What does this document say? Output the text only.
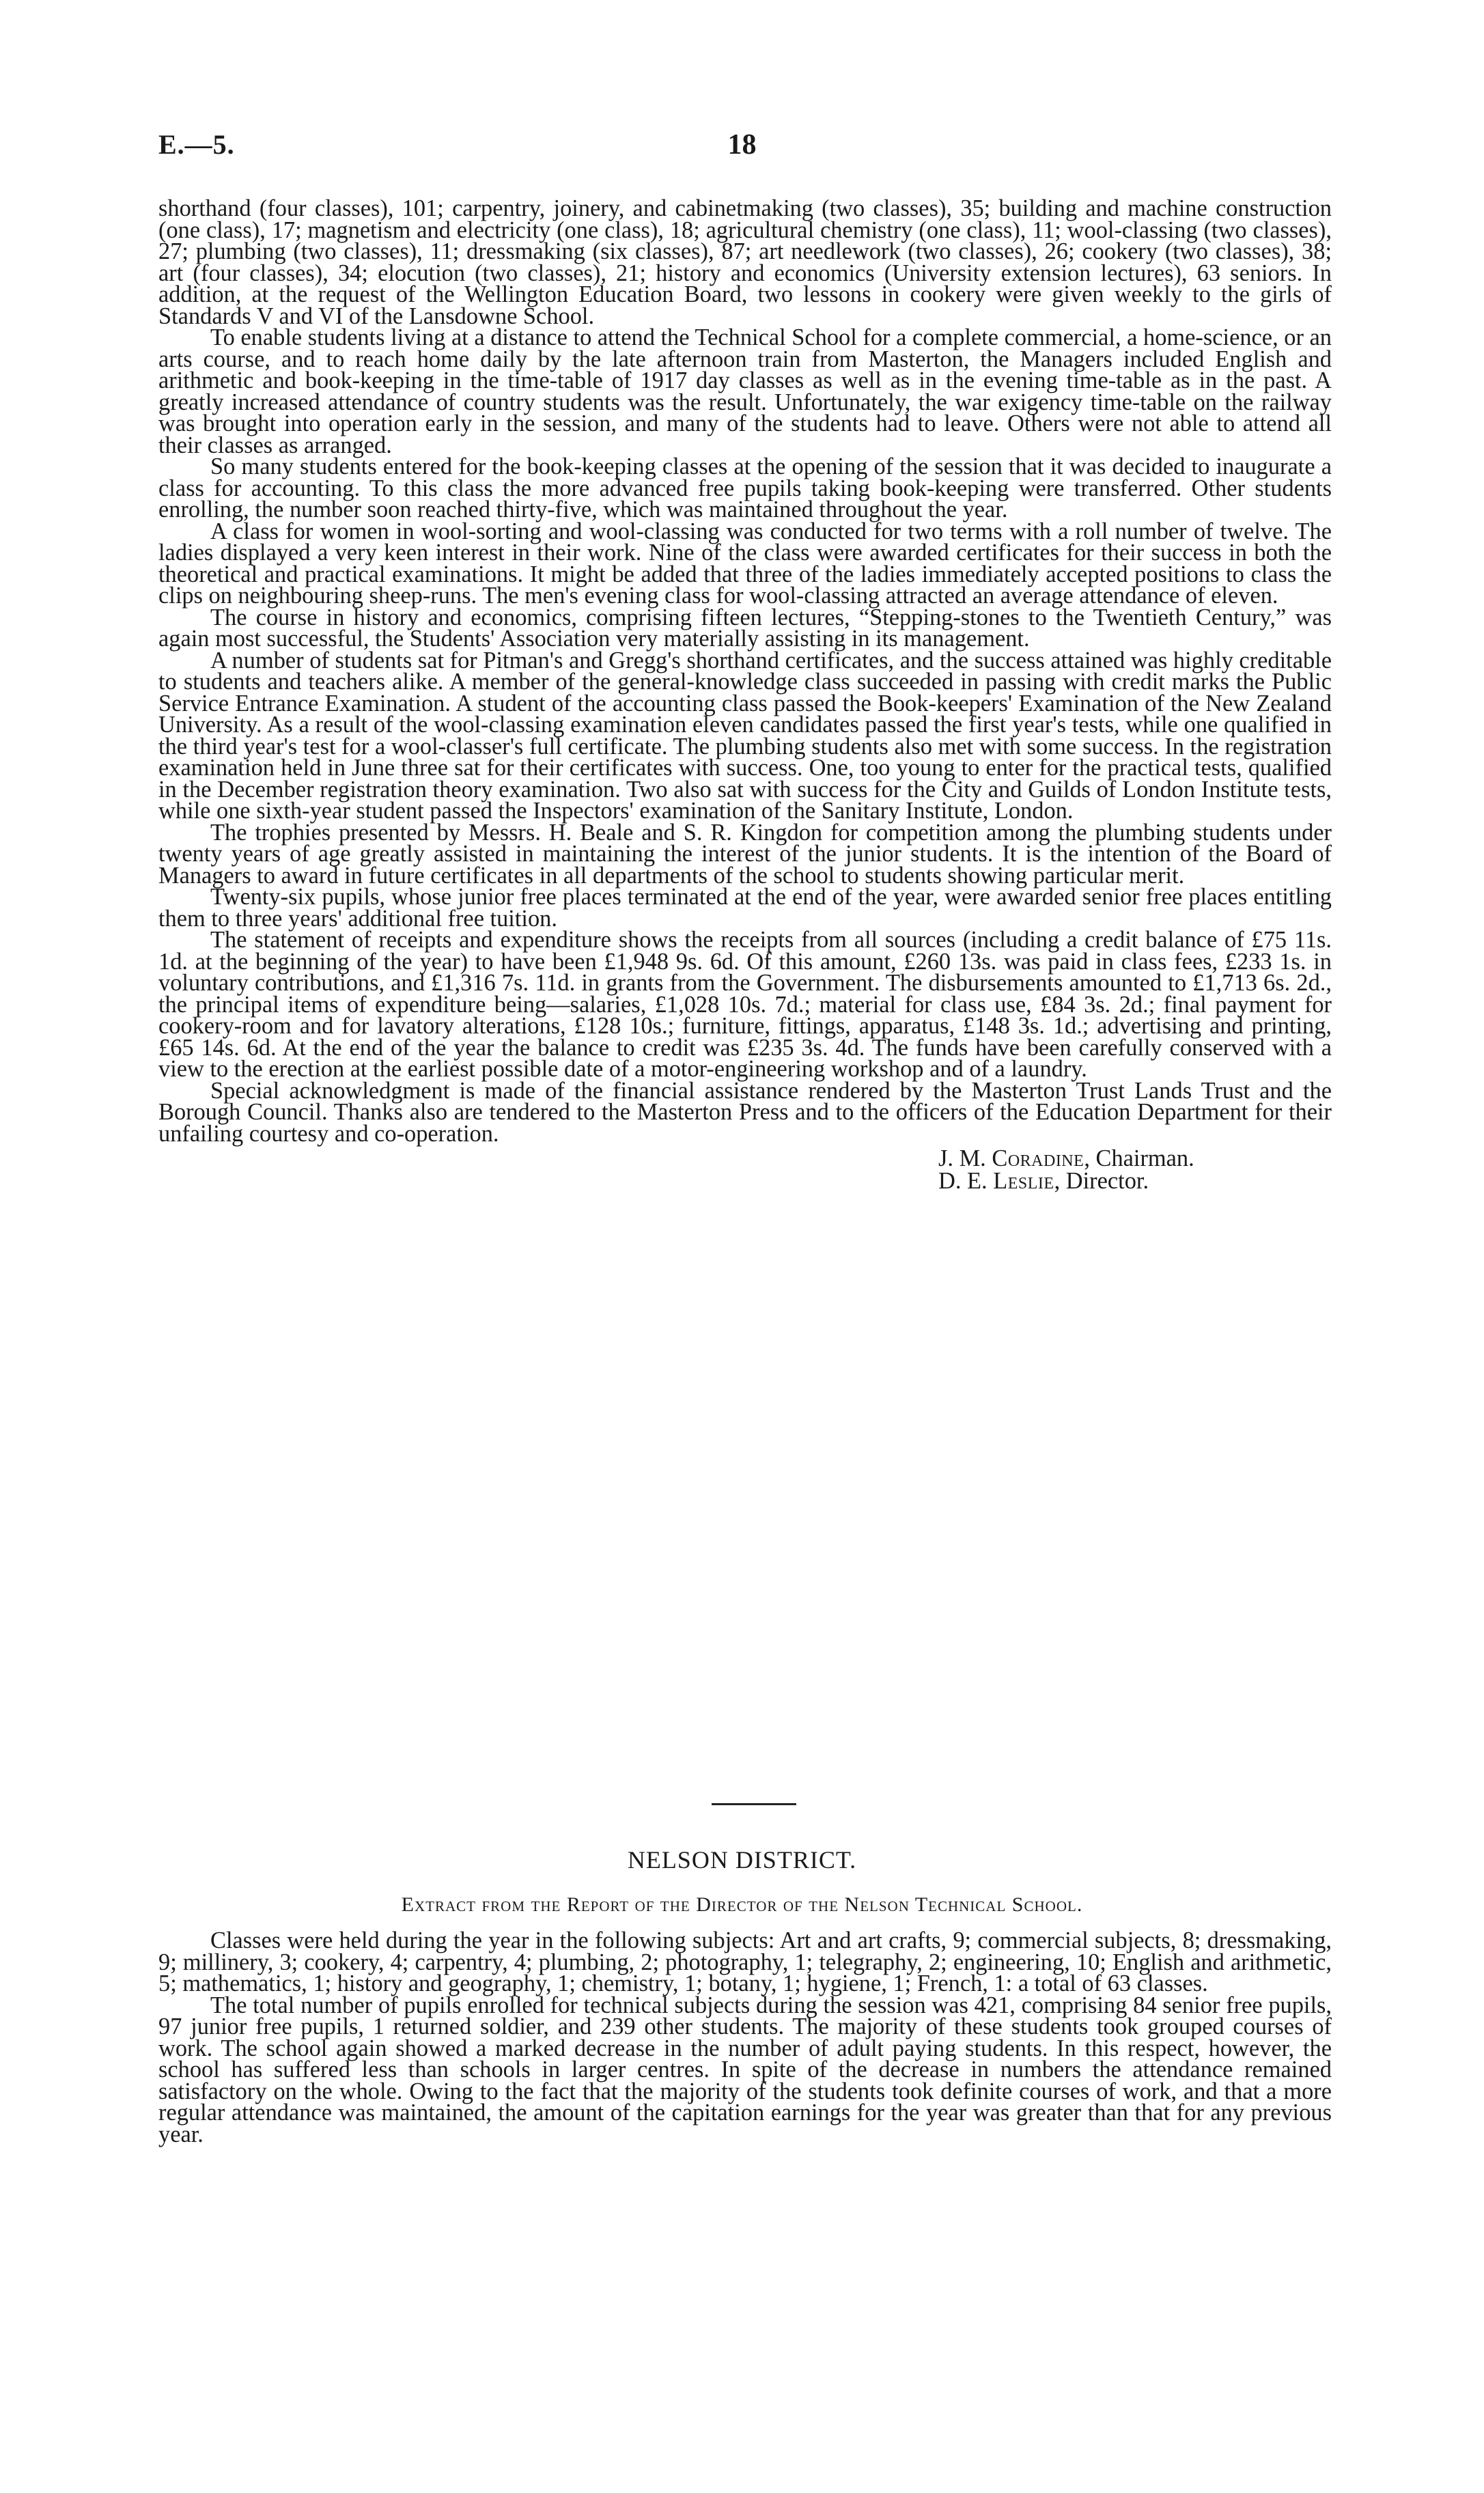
E.—5.	18

shorthand (four classes), 101; carpentry, joinery, and cabinetmaking (two classes), 35; building and machine construction (one class), 17; magnetism and electricity (one class), 18; agricultural chemistry (one class), 11; wool-classing (two classes), 27; plumbing (two classes), 11; dressmaking (six classes), 87; art needlework (two classes), 26; cookery (two classes), 38; art (four classes), 34; elocution (two classes), 21; history and economics (University extension lectures), 63 seniors. In addition, at the request of the Wellington Education Board, two lessons in cookery were given weekly to the girls of Standards V and VI of the Lansdowne School.

To enable students living at a distance to attend the Technical School for a complete commercial, a home-science, or an arts course, and to reach home daily by the late afternoon train from Masterton, the Managers included English and arithmetic and book-keeping in the time-table of 1917 day classes as well as in the evening time-table as in the past. A greatly increased attendance of country students was the result. Unfortunately, the war exigency time-table on the railway was brought into operation early in the session, and many of the students had to leave. Others were not able to attend all their classes as arranged.

So many students entered for the book-keeping classes at the opening of the session that it was decided to inaugurate a class for accounting. To this class the more advanced free pupils taking book-keeping were transferred. Other students enrolling, the number soon reached thirty-five, which was maintained throughout the year.

A class for women in wool-sorting and wool-classing was conducted for two terms with a roll number of twelve. The ladies displayed a very keen interest in their work. Nine of the class were awarded certificates for their success in both the theoretical and practical examinations. It might be added that three of the ladies immediately accepted positions to class the clips on neighbouring sheep-runs. The men's evening class for wool-classing attracted an average attendance of eleven.

The course in history and economics, comprising fifteen lectures, “Stepping-stones to the Twentieth Century,” was again most successful, the Students' Association very materially assisting in its management.

A number of students sat for Pitman's and Gregg's shorthand certificates, and the success attained was highly creditable to students and teachers alike. A member of the general-knowledge class succeeded in passing with credit marks the Public Service Entrance Examination. A student of the accounting class passed the Book-keepers' Examination of the New Zealand University. As a result of the wool-classing examination eleven candidates passed the first year's tests, while one qualified in the third year's test for a wool-classer's full certificate. The plumbing students also met with some success. In the registration examination held in June three sat for their certificates with success. One, too young to enter for the practical tests, qualified in the December registration theory examination. Two also sat with success for the City and Guilds of London Institute tests, while one sixth-year student passed the Inspectors' examination of the Sanitary Institute, London.

The trophies presented by Messrs. H. Beale and S. R. Kingdon for competition among the plumbing students under twenty years of age greatly assisted in maintaining the interest of the junior students. It is the intention of the Board of Managers to award in future certificates in all departments of the school to students showing particular merit.

Twenty-six pupils, whose junior free places terminated at the end of the year, were awarded senior free places entitling them to three years' additional free tuition.

The statement of receipts and expenditure shows the receipts from all sources (including a credit balance of £75 11s. 1d. at the beginning of the year) to have been £1,948 9s. 6d. Of this amount, £260 13s. was paid in class fees, £233 1s. in voluntary contributions, and £1,316 7s. 11d. in grants from the Government. The disbursements amounted to £1,713 6s. 2d., the principal items of expenditure being—salaries, £1,028 10s. 7d.; material for class use, £84 3s. 2d.; final payment for cookery-room and for lavatory alterations, £128 10s.; furniture, fittings, apparatus, £148 3s. 1d.; advertising and printing, £65 14s. 6d. At the end of the year the balance to credit was £235 3s. 4d. The funds have been carefully conserved with a view to the erection at the earliest possible date of a motor-engineering workshop and of a laundry.

Special acknowledgment is made of the financial assistance rendered by the Masterton Trust Lands Trust and the Borough Council. Thanks also are tendered to the Masterton Press and to the officers of the Education Department for their unfailing courtesy and co-operation.

J. M. Coradine, Chairman.
D. E. Leslie, Director.
NELSON DISTRICT.
Extract from the Report of the Director of the Nelson Technical School.

Classes were held during the year in the following subjects: Art and art crafts, 9; commercial subjects, 8; dressmaking, 9; millinery, 3; cookery, 4; carpentry, 4; plumbing, 2; photography, 1; telegraphy, 2; engineering, 10; English and arithmetic, 5; mathematics, 1; history and geography, 1; chemistry, 1; botany, 1; hygiene, 1; French, 1: a total of 63 classes.

The total number of pupils enrolled for technical subjects during the session was 421, comprising 84 senior free pupils, 97 junior free pupils, 1 returned soldier, and 239 other students. The majority of these students took grouped courses of work. The school again showed a marked decrease in the number of adult paying students. In this respect, however, the school has suffered less than schools in larger centres. In spite of the decrease in numbers the attendance remained satisfactory on the whole. Owing to the fact that the majority of the students took definite courses of work, and that a more regular attendance was maintained, the amount of the capitation earnings for the year was greater than that for any previous year.
